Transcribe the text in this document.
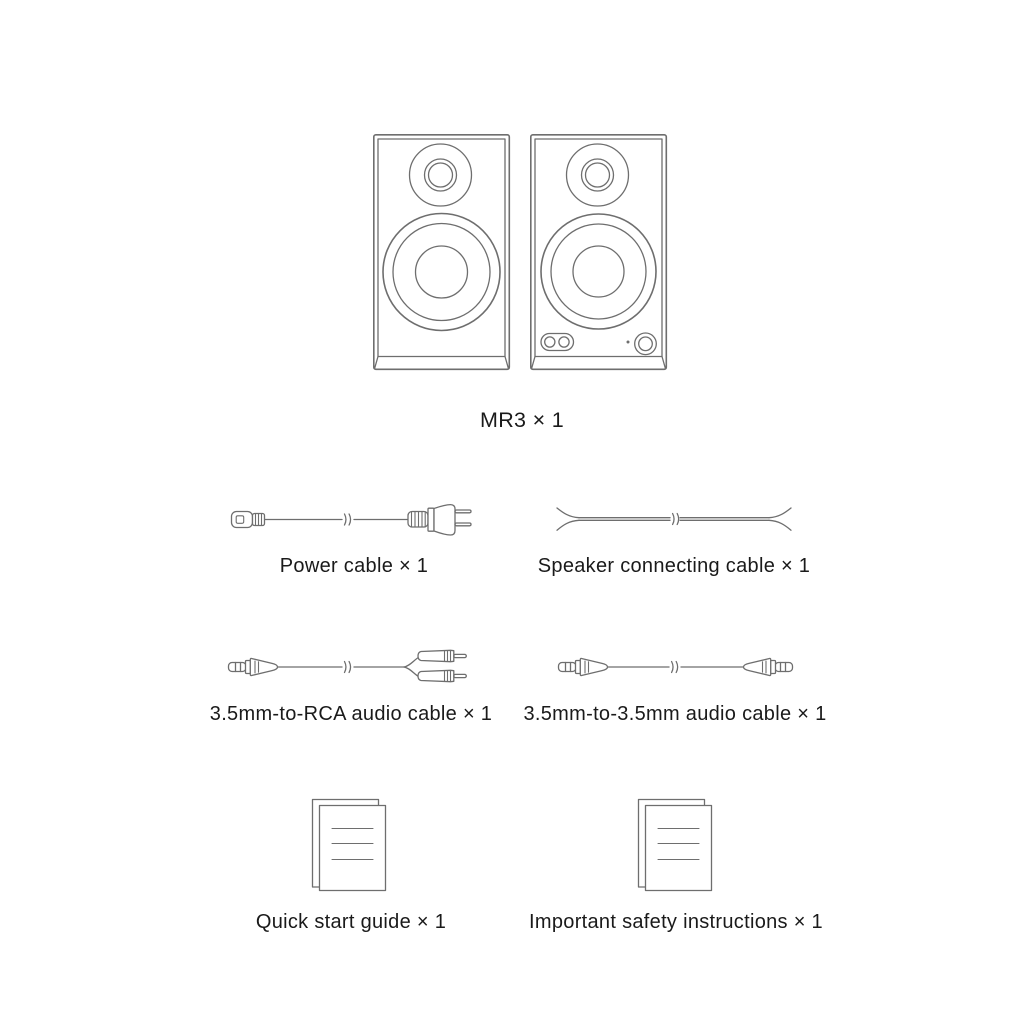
MR3 × 1
Power cable × 1	Speaker connecting cable × 1
3.5mm-to-RCA audio cable × 1 3.5mm-to-3.5mm audio cable × 1
Quick start guide × 1	Important safety instructions × 1
